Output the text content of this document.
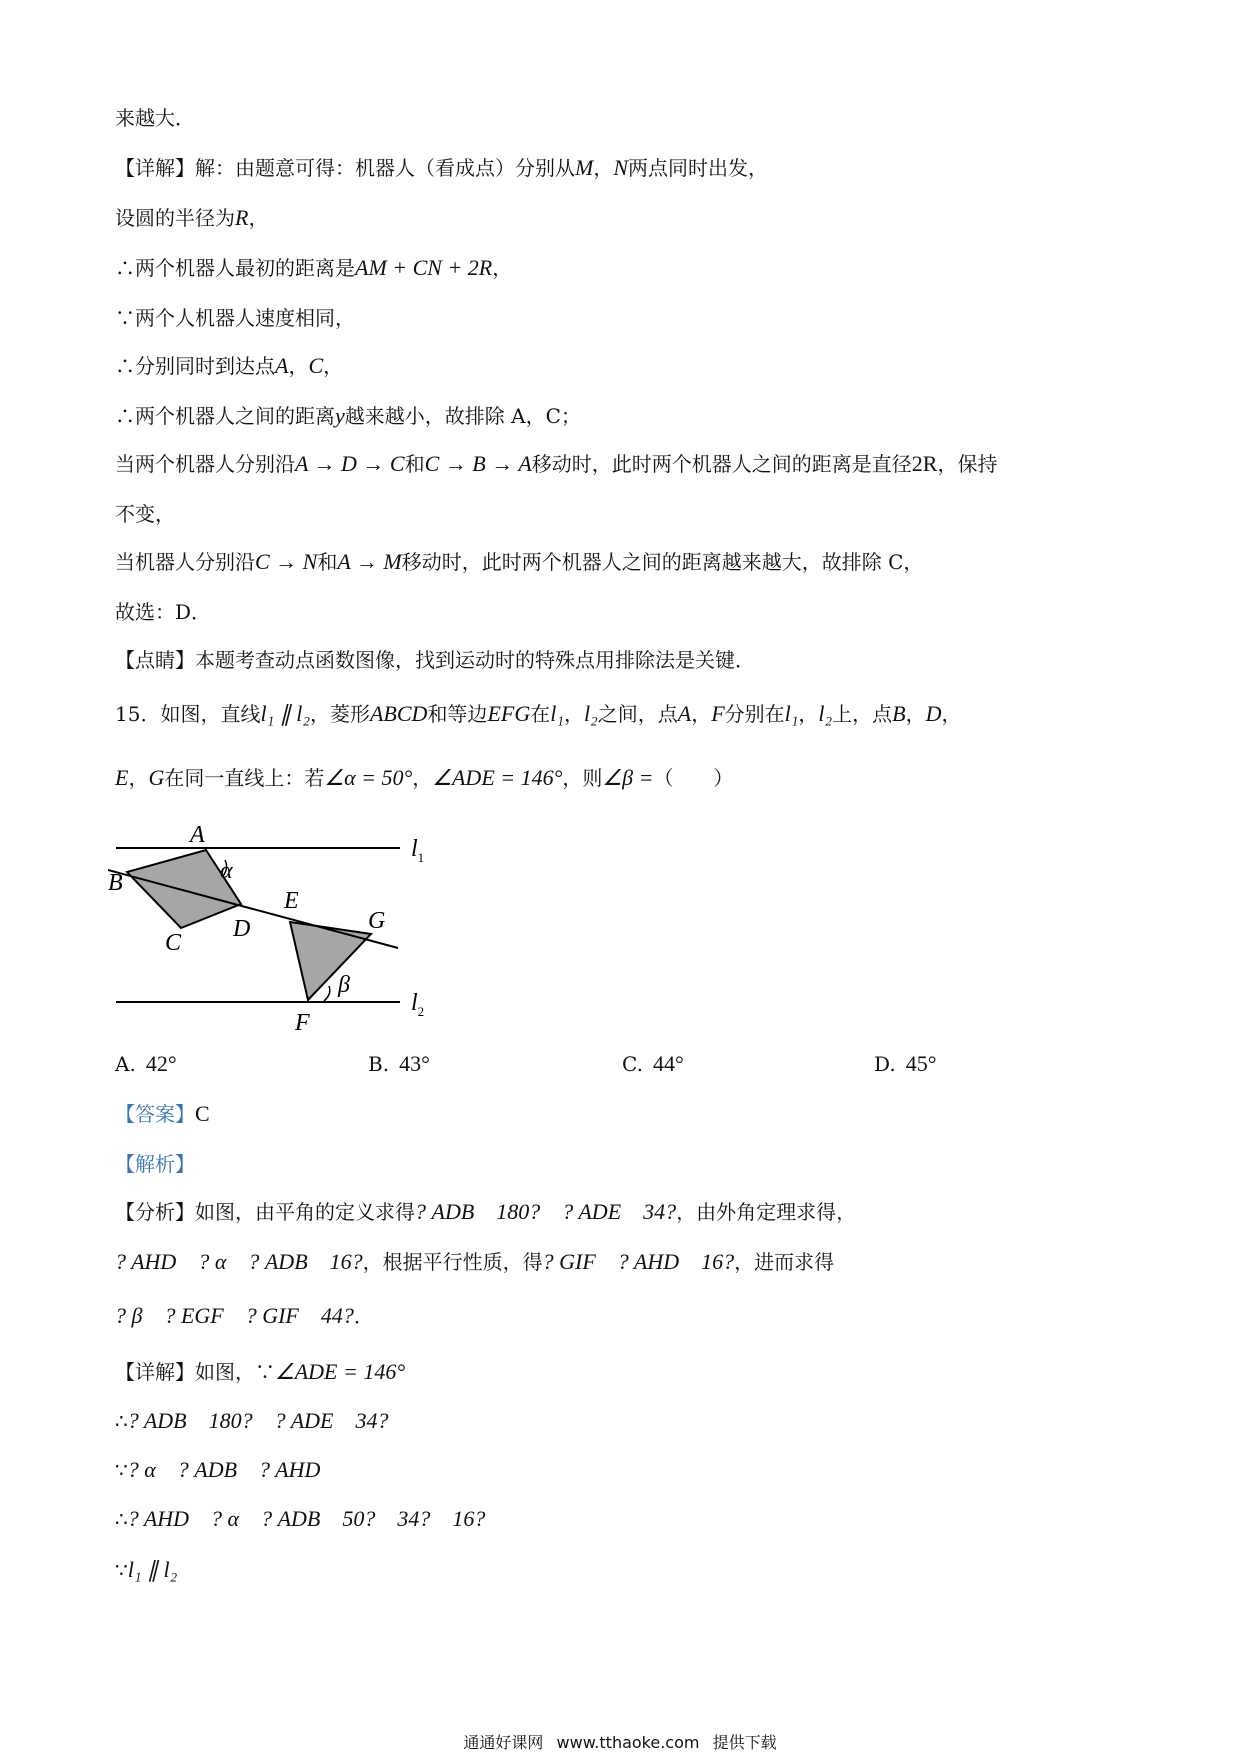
来越大．
【详解】解：由题意可得：机器人（看成点）分别从M，N两点同时出发，
设圆的半径为R，
∴两个机器人最初的距离是AM + CN + 2R，
∵两个人机器人速度相同，
∴分别同时到达点A，C，
∴两个机器人之间的距离y越来越小，故排除 A，C；
当两个机器人分别沿A → D → C和C → B → A移动时，此时两个机器人之间的距离是直径2R，保持
不变，
当机器人分别沿C → N和A → M移动时，此时两个机器人之间的距离越来越大，故排除 C，
故选：D．
【点睛】本题考查动点函数图像，找到运动时的特殊点用排除法是关键．
15．如图，直线l₁ ∥ l₂，菱形ABCD和等边EFG在l₁，l₂之间，点A，F分别在l₁，l₂上，点B，D，
E，G在同一直线上：若∠α = 50°，∠ADE = 146°，则∠β =（　　）
A
B
C
D
E
G
F
α
β
$l_1$
$l_2$
A. 42°	B. 43°	C. 44°	D. 45°
【答案】C
【解析】
【分析】如图，由平角的定义求得? ADB　180?　? ADE　34?，由外角定理求得，
? AHD　? α　? ADB　16?，根据平行性质，得? GIF　? AHD　16?，进而求得
? β　? EGF　? GIF　44?．
【详解】如图，∵∠ADE = 146°
∴? ADB　180?　? ADE　34?
∵? α　? ADB　? AHD
∴? AHD　? α　? ADB　50?　34?　16?
∵l₁ ∥ l₂
通通好课网 www.tthaoke.com 提供下载
